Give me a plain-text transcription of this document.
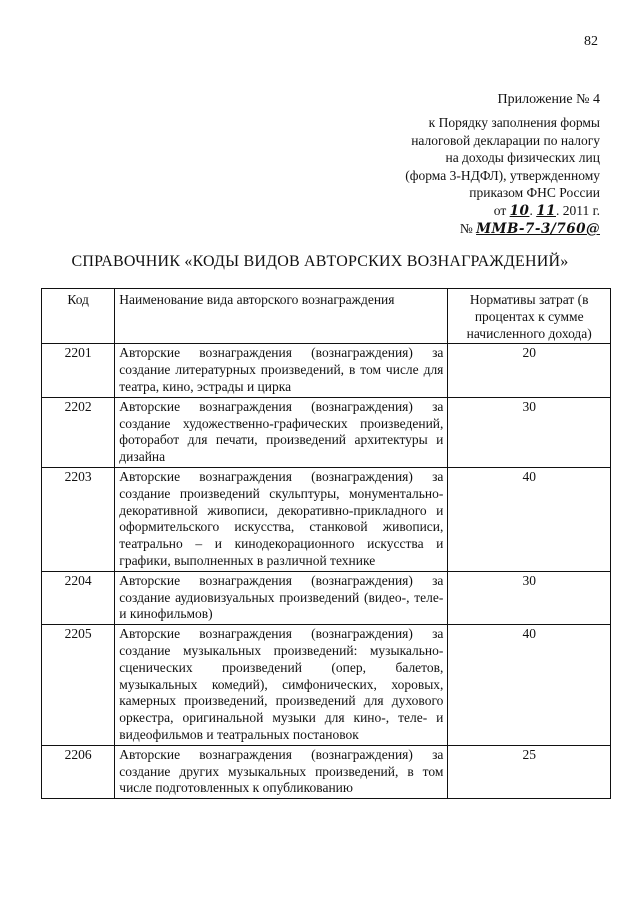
82
Приложение № 4
к Порядку заполнения формы
налоговой декларации по налогу
на доходы физических лиц
(форма 3-НДФЛ), утвержденному
приказом ФНС России
от 10. 11. 2011 г.
№ ММВ-7-3/760@
СПРАВОЧНИК «КОДЫ ВИДОВ АВТОРСКИХ ВОЗНАГРАЖДЕНИЙ»
Код	Наименование вида авторского вознаграждения	Нормативы затрат (в процентах к сумме начисленного дохода)
2201	Авторские вознаграждения (вознаграждения) за создание литературных произведений, в том числе для театра, кино, эстрады и цирка	20
2202	Авторские вознаграждения (вознаграждения) за создание художественно-графических произведений, фоторабот для печати, произведений архитектуры и дизайна	30
2203	Авторские вознаграждения (вознаграждения) за создание произведений скульптуры, монументально-декоративной живописи, декоративно-прикладного и оформительского искусства, станковой живописи, театрально – и кинодекорационного искусства и графики, выполненных в различной технике	40
2204	Авторские вознаграждения (вознаграждения) за создание аудиовизуальных произведений (видео-, теле- и кинофильмов)	30
2205	Авторские вознаграждения (вознаграждения) за создание музыкальных произведений: музыкально-сценических произведений (опер, балетов, музыкальных комедий), симфонических, хоровых, камерных произведений, произведений для духового оркестра, оригинальной музыки для кино-, теле- и видеофильмов и театральных постановок	40
2206	Авторские вознаграждения (вознаграждения) за создание других музыкальных произведений, в том числе подготовленных к опубликованию	25
